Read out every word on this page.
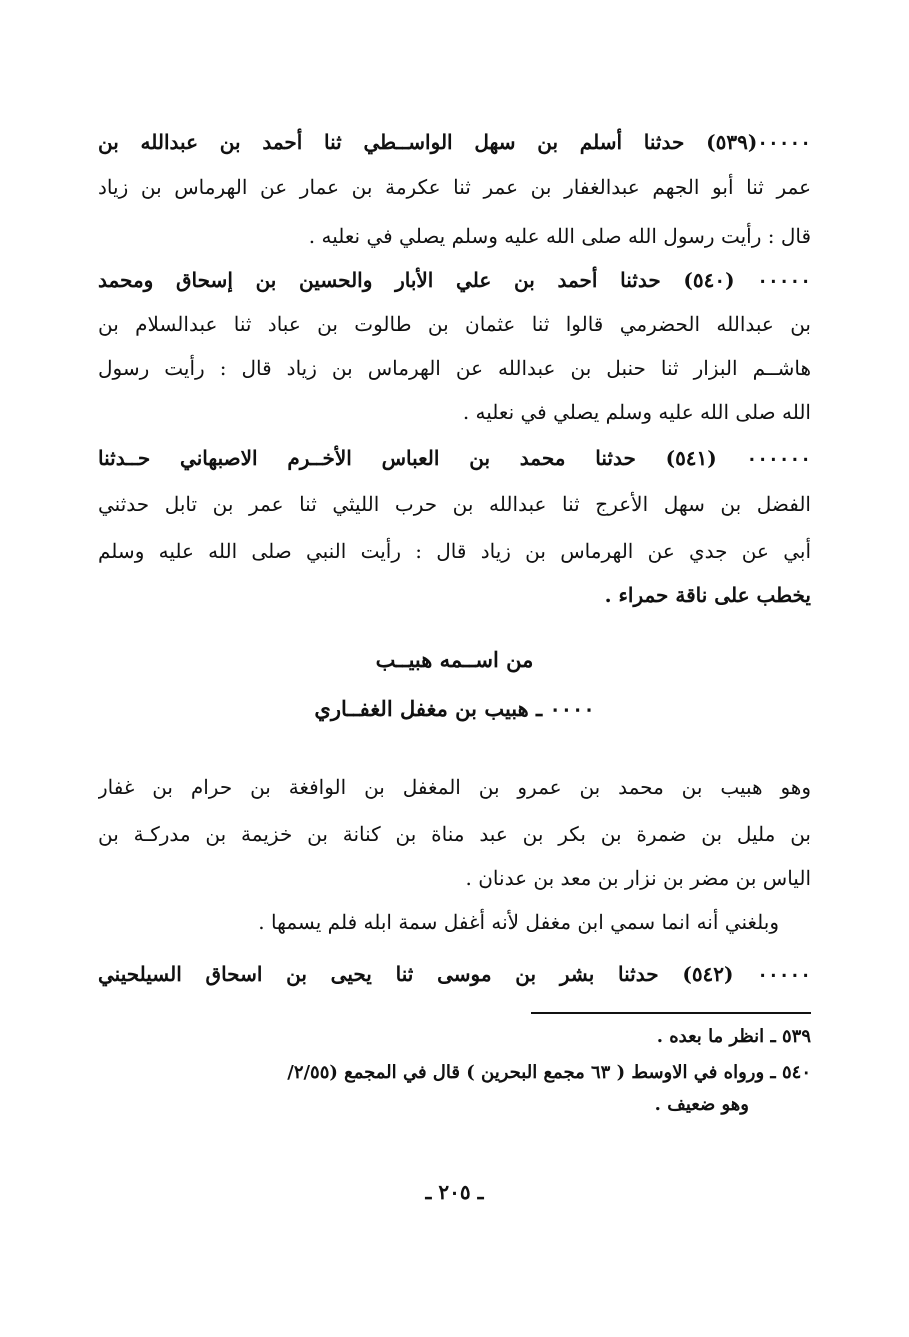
٠٠٠٠٠(٥٣٩) حدثنا أسلم بن سهل الواســطي ثنا أحمد بن عبدالله بن
عمر ثنا أبو الجهم عبدالغفار بن عمر ثنا عكرمة بن عمار عن الهرماس بن زياد
قال : رأيت رسول الله صلى الله عليه وسلم يصلي في نعليه .
٠٠٠٠٠ (٥٤٠) حدثنا أحمد بن علي الأبار والحسين بن إسحاق ومحمد
بن عبدالله الحضرمي قالوا ثنا عثمان بن طالوت بن عباد ثنا عبدالسلام بن
هاشــم البزار ثنا حنبل بن عبدالله عن الهرماس بن زياد قال : رأيت رسول
الله صلى الله عليه وسلم يصلي في نعليه .
٠٠٠٠٠٠ (٥٤١) حدثنا محمد بن العباس الأخــرم الاصبهاني حــدثنا
الفضل بن سهل الأعرج ثنا عبدالله بن حرب الليثي ثنا عمر بن تابل حدثني
أبي عن جدي عن الهرماس بن زياد قال : رأيت النبي صلى الله عليه وسلم
يخطب على ناقة حمراء .
من اســمه هبيــب
٠٠٠٠ ـ هبيب بن مغفل الغفــاري
وهو هبيب بن محمد بن عمرو بن المغفل بن الوافغة بن حرام بن غفار
بن مليل بن ضمرة بن بكر بن عبد مناة بن كنانة بن خزيمة بن مدركـة بن
الياس بن مضر بن نزار بن معد بن عدنان .
وبلغني أنه انما سمي ابن مغفل لأنه أغفل سمة ابله فلم يسمها .
٠٠٠٠٠ (٥٤٢) حدثنا بشر بن موسى ثنا يحيى بن اسحاق السيلحيني
٥٣٩ ـ انظر ما بعده .
٥٤٠ ـ ورواه في الاوسط ( ٦٣ مجمع البحرين ) قال في المجمع (٢/٥٥/
وهو ضعيف .
ـ ٢٠٥ ـ
